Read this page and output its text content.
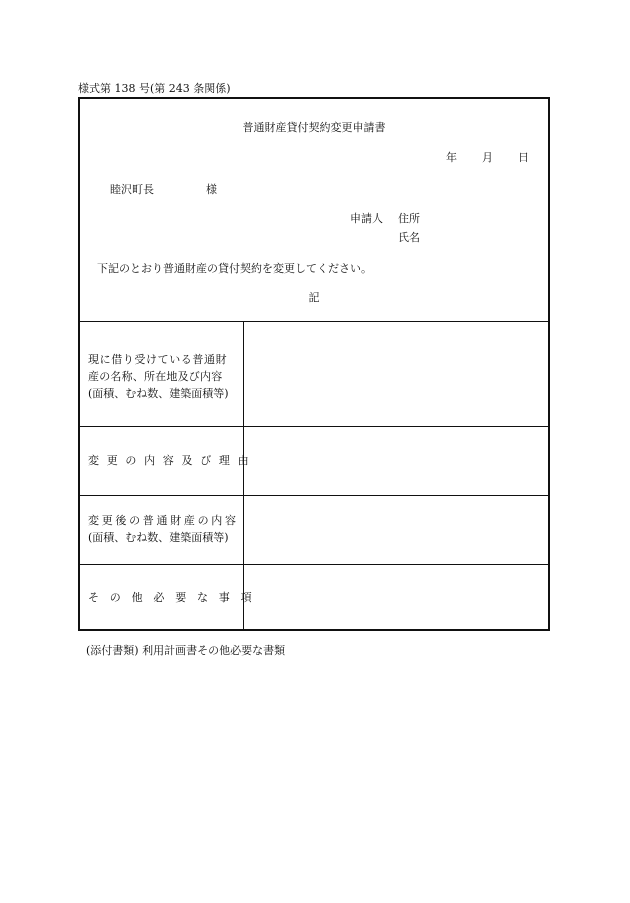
様式第 138 号(第 243 条関係)
普通財産貸付契約変更申請書
年 月 日
睦沢町長	様
申請人 住所
氏名
下記のとおり普通財産の貸付契約を変更してください。
記
現に借り受けている普通財
産の名称、所在地及び内容
(面積、むね数、建築面積等)
変更の内容及び理由
変更後の普通財産の内容
(面積、むね数、建築面積等)
その他必要な事項
(添付書類) 利用計画書その他必要な書類
